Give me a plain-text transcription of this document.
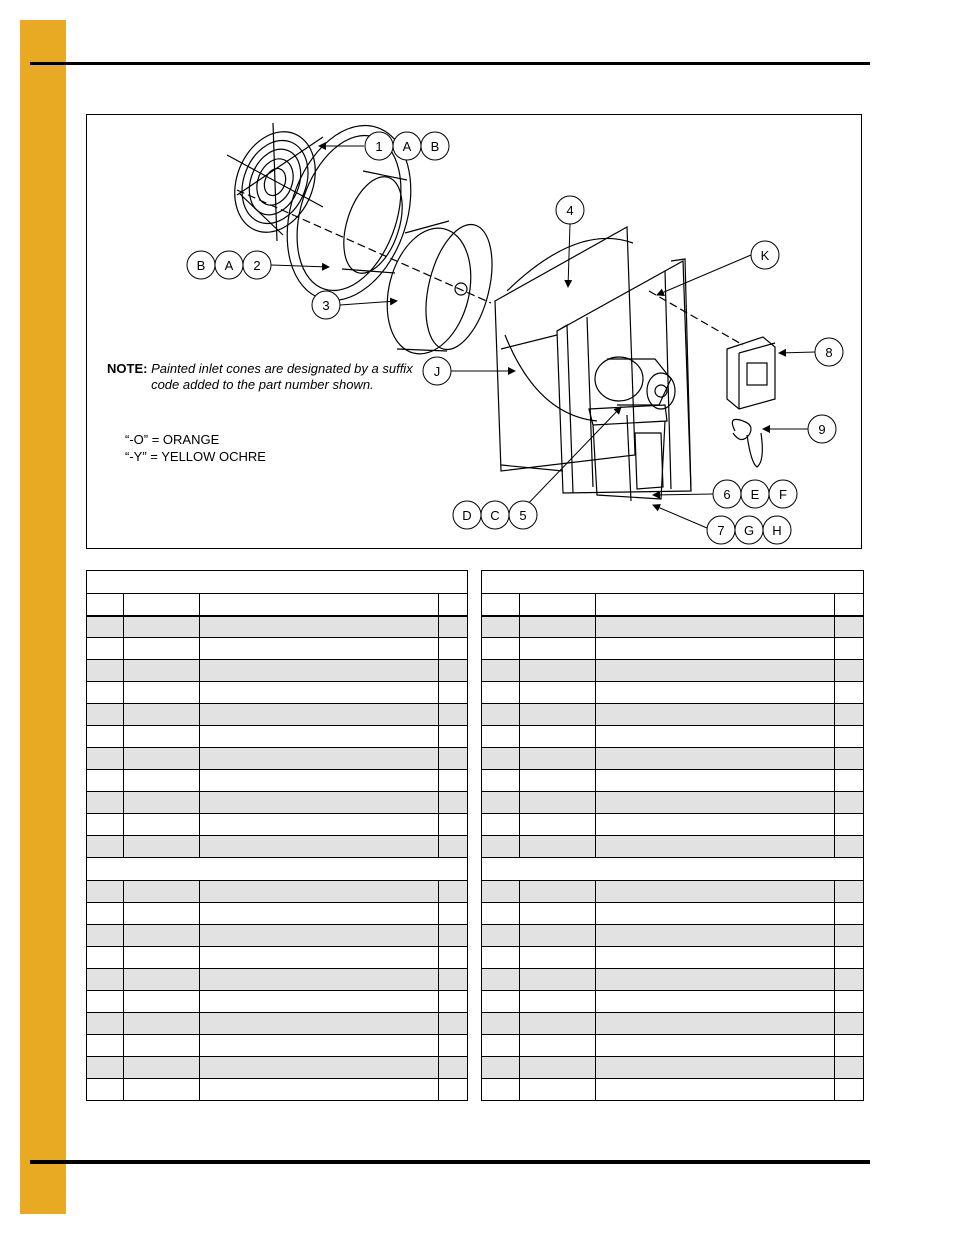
1 A B
B A 2
3
4
K
8
J
9
6 E F
D C 5
7 G H
NOTE: Painted inlet cones are designated by a suffix code added to the part number shown.
“-O” = ORANGE
“-Y” = YELLOW OCHRE
